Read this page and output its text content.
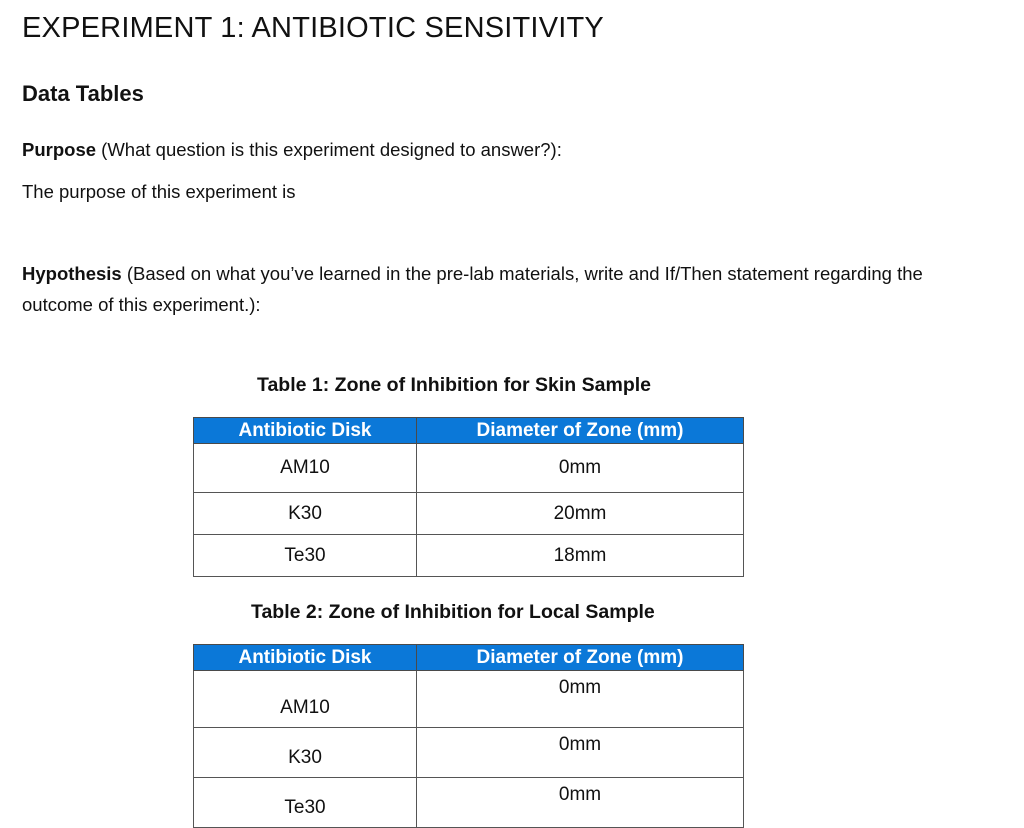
EXPERIMENT 1: ANTIBIOTIC SENSITIVITY
Data Tables
Purpose (What question is this experiment designed to answer?):
The purpose of this experiment is
Hypothesis (Based on what you’ve learned in the pre-lab materials, write and If/Then statement regarding the outcome of this experiment.):
Table 1: Zone of Inhibition for Skin Sample
Antibiotic Disk	Diameter of Zone (mm)
AM10	0mm
K30	20mm
Te30	18mm
Table 2: Zone of Inhibition for Local Sample
Antibiotic Disk	Diameter of Zone (mm)
AM10	0mm
K30	0mm
Te30	0mm
